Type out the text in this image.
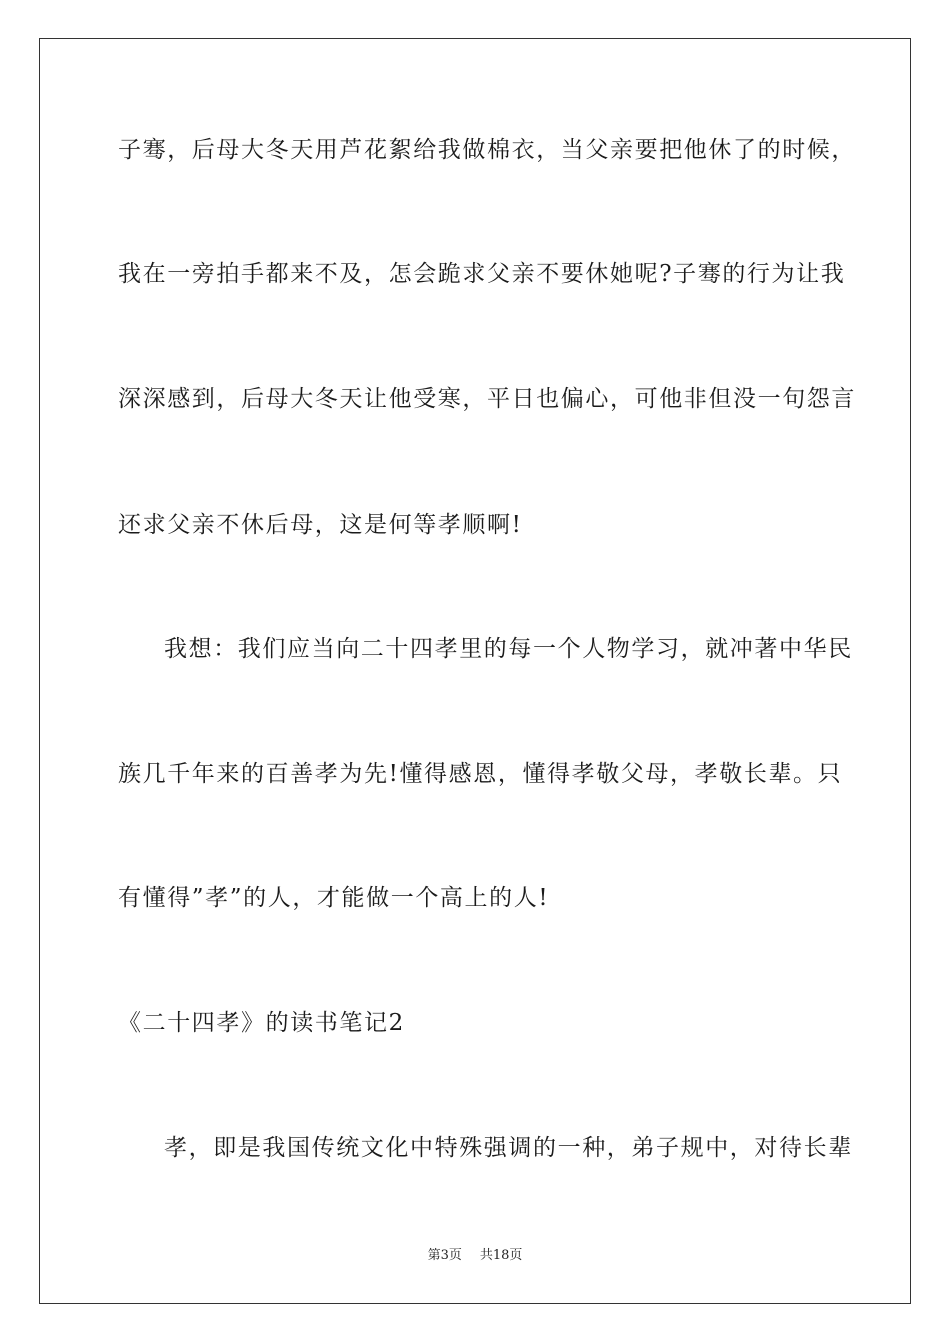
子骞，后母大冬天用芦花絮给我做棉衣，当父亲要把他休了的时候，
我在一旁拍手都来不及，怎会跪求父亲不要休她呢?子骞的行为让我
深深感到，后母大冬天让他受寒，平日也偏心，可他非但没一句怨言
还求父亲不休后母，这是何等孝顺啊!
我想：我们应当向二十四孝里的每一个人物学习，就冲著中华民
族几千年来的百善孝为先!懂得感恩，懂得孝敬父母，孝敬长辈。只
有懂得”孝”的人，才能做一个高上的人!
《二十四孝》的读书笔记2
孝，即是我国传统文化中特殊强调的一种，弟子规中，对待长辈
第3页 共18页
